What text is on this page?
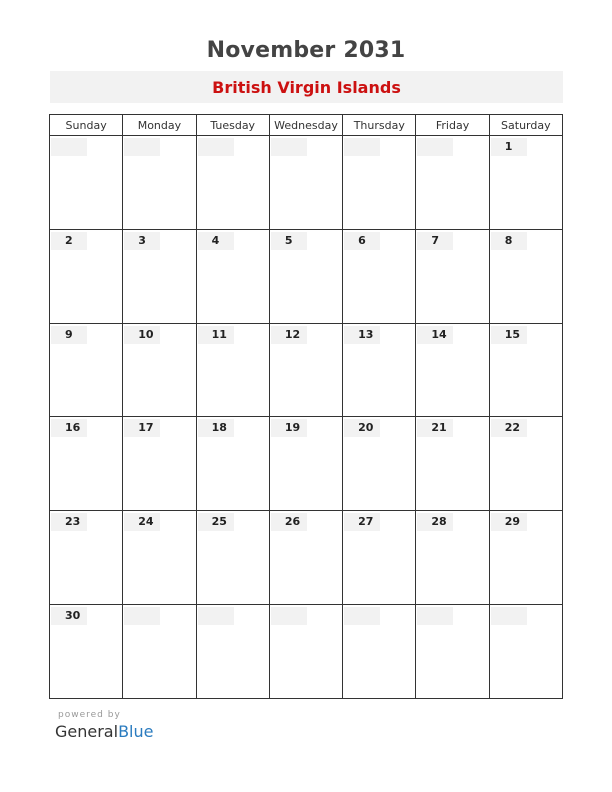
November 2031
British Virgin Islands
Sunday	Monday	Tuesday	Wednesday	Thursday	Friday	Saturday

						1

2	3	4	5	6	7	8

9	10	11	12	13	14	15

16	17	18	19	20	21	22

23	24	25	26	27	28	29

30						

powered by
GeneralBlue
